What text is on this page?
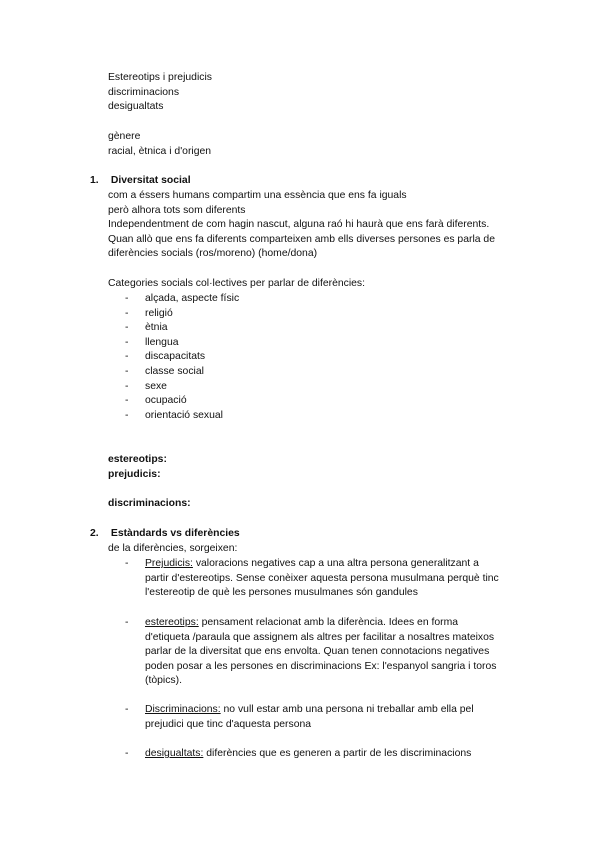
Estereotips i prejudicis
discriminacions
desigualtats
gènere
racial, ètnica i d'origen
1. Diversitat social
com a éssers humans compartim una essència que ens fa iguals
però alhora tots som diferents
Independentment de com hagin nascut, alguna raó hi haurà que ens farà diferents.
Quan allò que ens fa diferents comparteixen amb ells diverses persones es parla de
diferències socials (ros/moreno) (home/dona)
Categories socials col·lectives per parlar de diferències:
- alçada, aspecte físic
- religió
- ètnia
- llengua
- discapacitats
- classe social
- sexe
- ocupació
- orientació sexual
estereotips:
prejudicis:
discriminacions:
2. Estàndards vs diferències
de la diferències, sorgeixen:
- Prejudicis: valoracions negatives cap a una altra persona generalitzant a
partir d'estereotips. Sense conèixer aquesta persona musulmana perquè tinc
l'estereotip de què les persones musulmanes són gandules
- estereotips: pensament relacionat amb la diferència. Idees en forma
d'etiqueta /paraula que assignem als altres per facilitar a nosaltres mateixos
parlar de la diversitat que ens envolta. Quan tenen connotacions negatives
poden posar a les persones en discriminacions Ex: l'espanyol sangria i toros
(tòpics).
- Discriminacions: no vull estar amb una persona ni treballar amb ella pel
prejudici que tinc d'aquesta persona
- desigualtats: diferències que es generen a partir de les discriminacions
